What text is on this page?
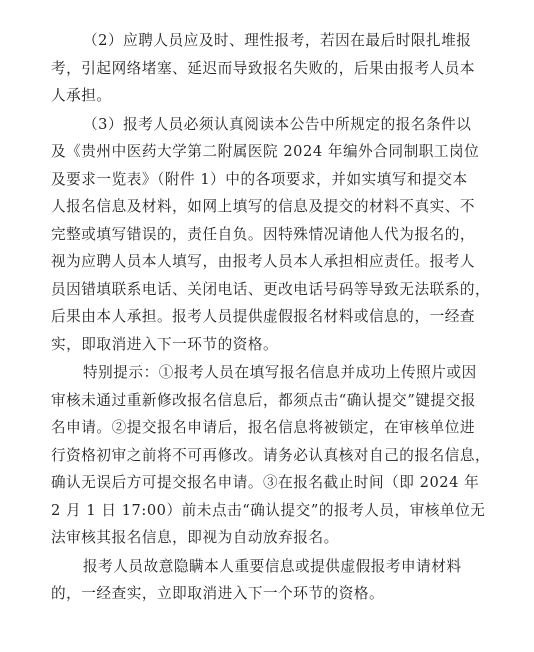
（2）应聘人员应及时、理性报考，若因在最后时限扎堆报
考，引起网络堵塞、延迟而导致报名失败的，后果由报考人员本
人承担。

（3）报考人员必须认真阅读本公告中所规定的报名条件以
及《贵州中医药大学第二附属医院 2024 年编外合同制职工岗位
及要求一览表》（附件 1）中的各项要求，并如实填写和提交本
人报名信息及材料，如网上填写的信息及提交的材料不真实、不
完整或填写错误的，责任自负。因特殊情况请他人代为报名的，
视为应聘人员本人填写，由报考人员本人承担相应责任。报考人
员因错填联系电话、关闭电话、更改电话号码等导致无法联系的，
后果由本人承担。报考人员提供虚假报名材料或信息的，一经查
实，即取消进入下一环节的资格。

特别提示：①报考人员在填写报名信息并成功上传照片或因
审核未通过重新修改报名信息后，都须点击“确认提交”键提交报
名申请。②提交报名申请后，报名信息将被锁定，在审核单位进
行资格初审之前将不可再修改。请务必认真核对自己的报名信息，
确认无误后方可提交报名申请。③在报名截止时间（即 2024 年
2 月 1 日 17:00）前未点击“确认提交”的报考人员，审核单位无
法审核其报名信息，即视为自动放弃报名。

报考人员故意隐瞒本人重要信息或提供虚假报考申请材料
的，一经查实，立即取消进入下一个环节的资格。
